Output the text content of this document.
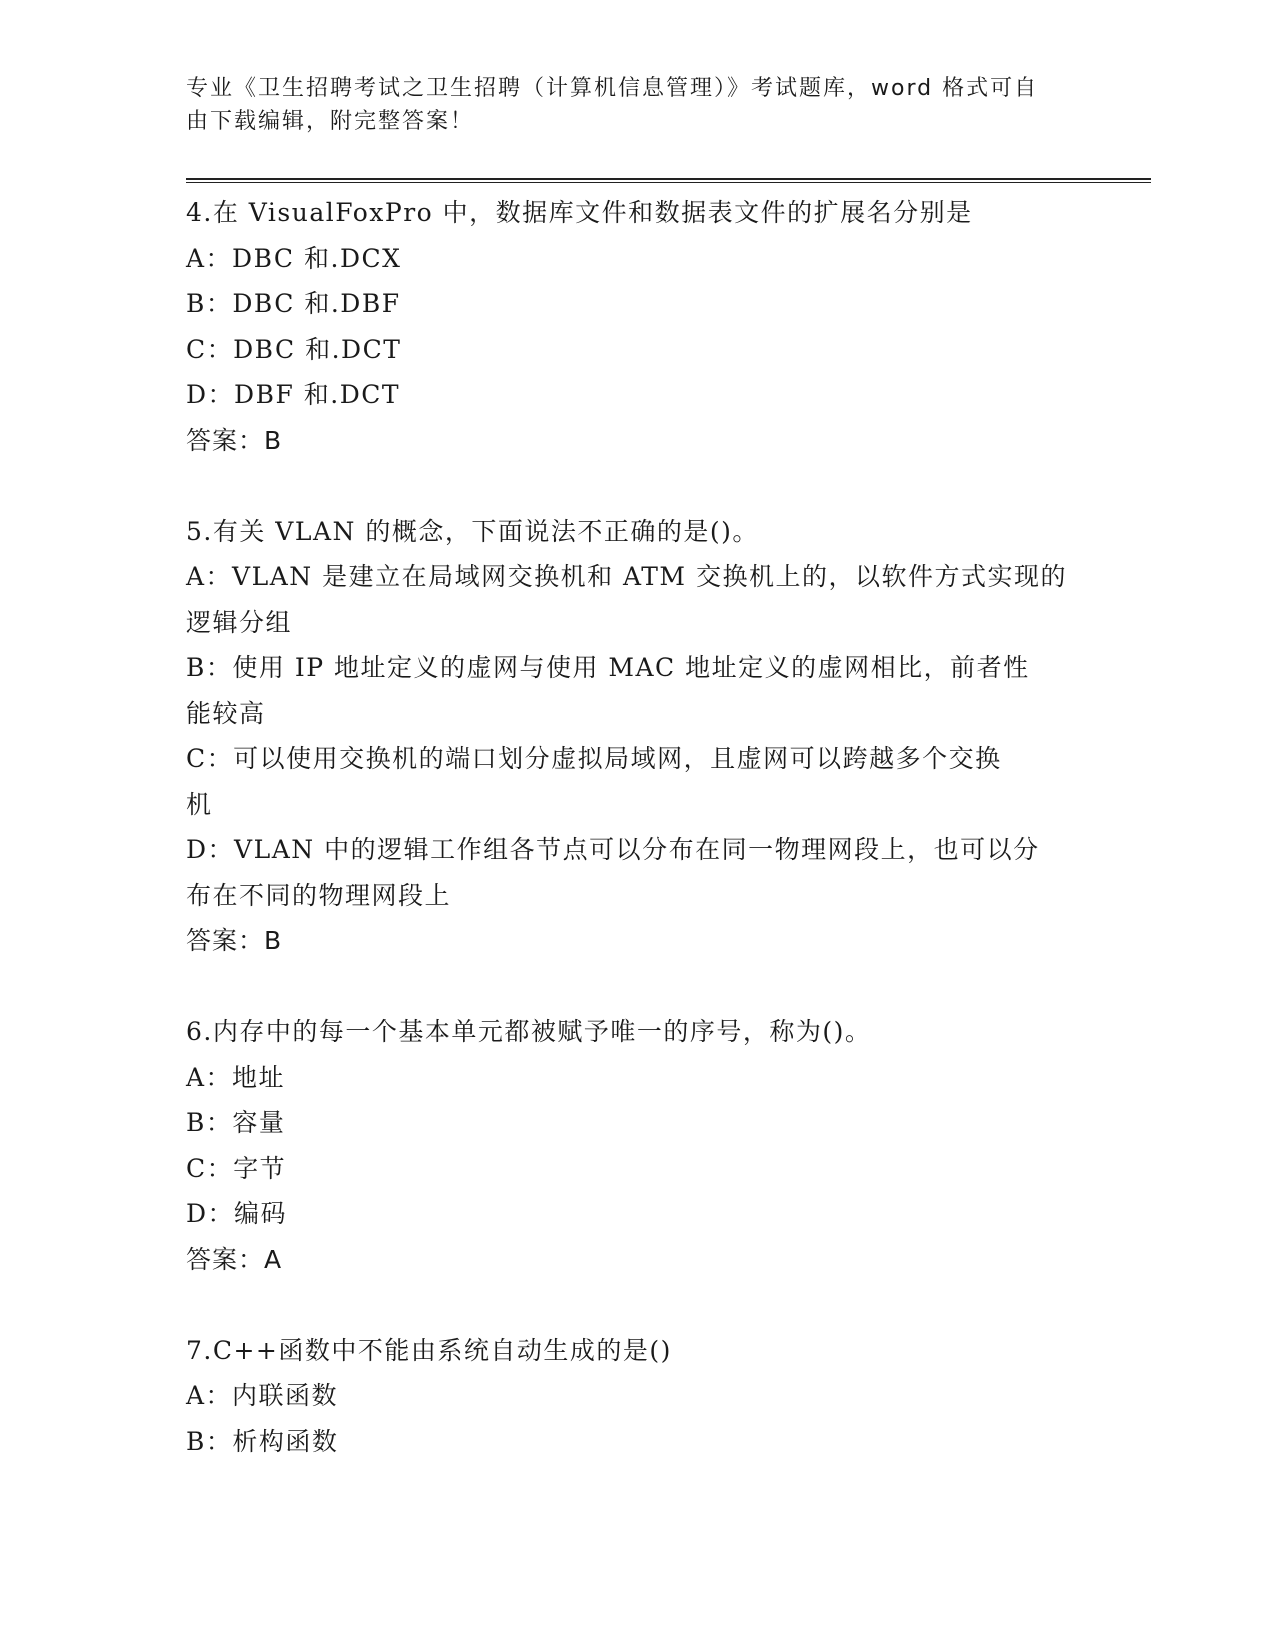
专业《卫生招聘考试之卫生招聘（计算机信息管理）》考试题库，word 格式可自
由下载编辑，附完整答案！
4.在 VisualFoxPro 中，数据库文件和数据表文件的扩展名分别是
A：DBC 和.DCX
B：DBC 和.DBF
C：DBC 和.DCT
D：DBF 和.DCT
答案：B
5.有关 VLAN 的概念，下面说法不正确的是()。
A：VLAN 是建立在局域网交换机和 ATM 交换机上的，以软件方式实现的
逻辑分组
B：使用 IP 地址定义的虚网与使用 MAC 地址定义的虚网相比，前者性
能较高
C：可以使用交换机的端口划分虚拟局域网，且虚网可以跨越多个交换
机
D：VLAN 中的逻辑工作组各节点可以分布在同一物理网段上，也可以分
布在不同的物理网段上
答案：B
6.内存中的每一个基本单元都被赋予唯一的序号，称为()。
A：地址
B：容量
C：字节
D：编码
答案：A
7.C++函数中不能由系统自动生成的是()
A：内联函数
B：析构函数
